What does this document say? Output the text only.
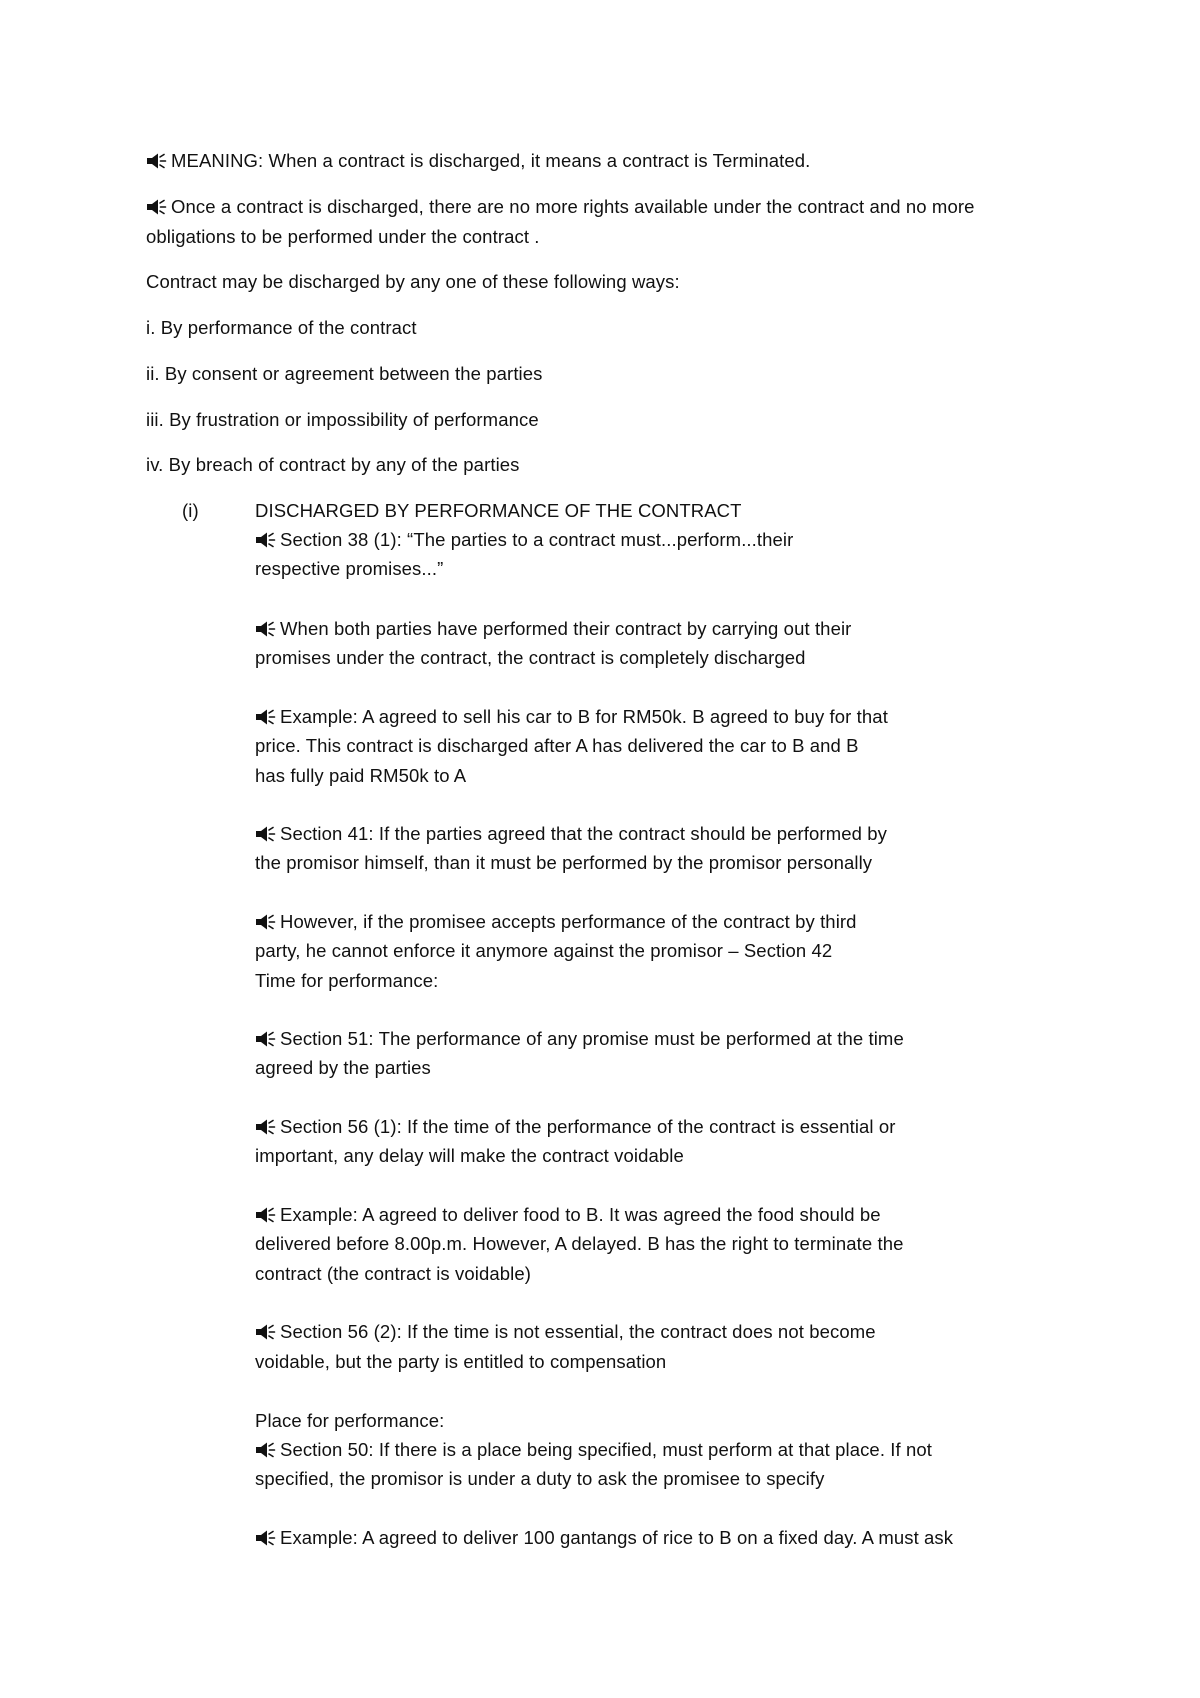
MEANING: When a contract is discharged, it means a contract is Terminated.
Once a contract is discharged, there are no more rights available under the contract and no more
obligations to be performed under the contract .
Contract may be discharged by any one of these following ways:
i. By performance of the contract
ii. By consent or agreement between the parties
iii. By frustration or impossibility of performance
iv. By breach of contract by any of the parties
(i)	DISCHARGED BY PERFORMANCE OF THE CONTRACT
Section 38 (1): “The parties to a contract must...perform...their
respective promises...”
When both parties have performed their contract by carrying out their
promises under the contract, the contract is completely discharged
Example: A agreed to sell his car to B for RM50k. B agreed to buy for that
price. This contract is discharged after A has delivered the car to B and B
has fully paid RM50k to A
Section 41: If the parties agreed that the contract should be performed by
the promisor himself, than it must be performed by the promisor personally
However, if the promisee accepts performance of the contract by third
party, he cannot enforce it anymore against the promisor – Section 42
Time for performance:
Section 51: The performance of any promise must be performed at the time
agreed by the parties
Section 56 (1): If the time of the performance of the contract is essential or
important, any delay will make the contract voidable
Example: A agreed to deliver food to B. It was agreed the food should be
delivered before 8.00p.m. However, A delayed. B has the right to terminate the
contract (the contract is voidable)
Section 56 (2): If the time is not essential, the contract does not become
voidable, but the party is entitled to compensation
Place for performance:
Section 50: If there is a place being specified, must perform at that place. If not
specified, the promisor is under a duty to ask the promisee to specify
Example: A agreed to deliver 100 gantangs of rice to B on a fixed day. A must ask
